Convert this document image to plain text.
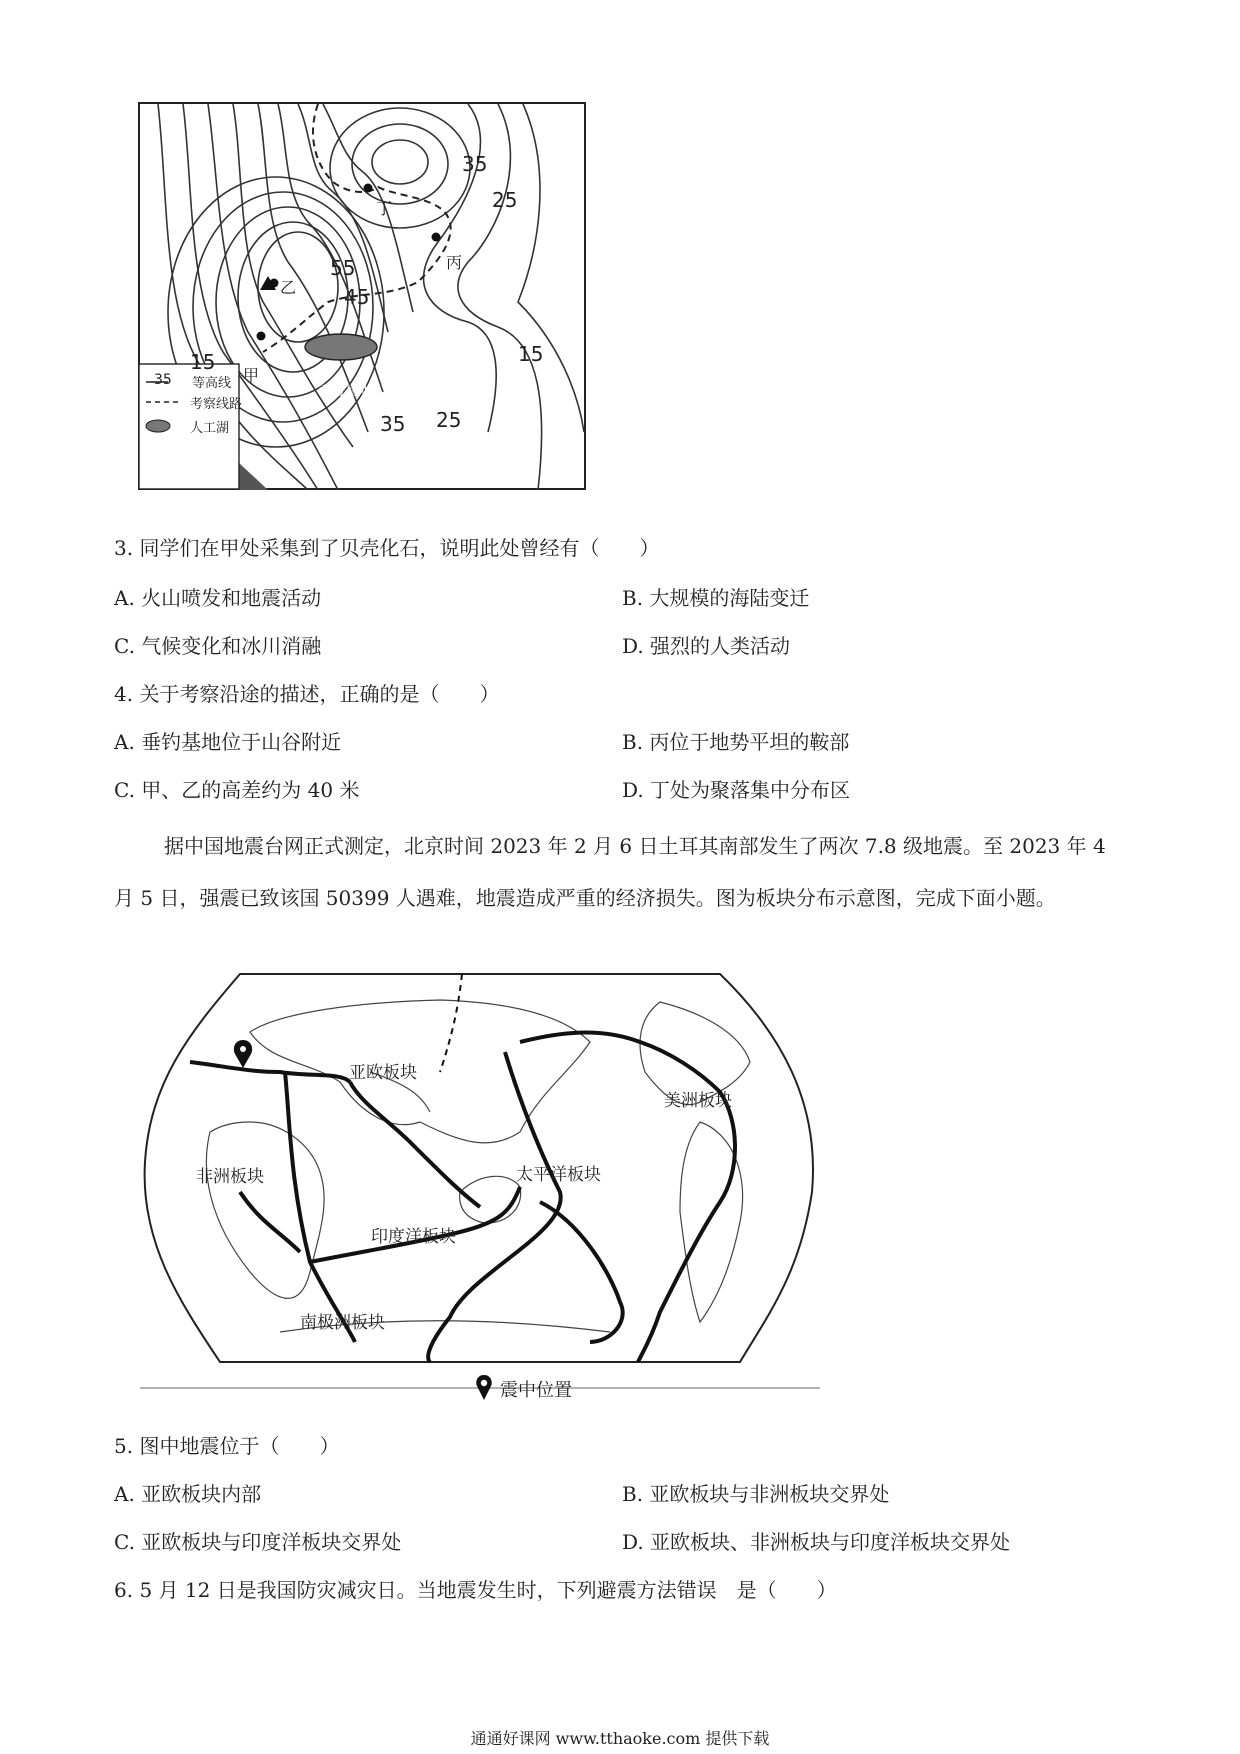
35
25
55
45
15	15
35 25
丁
丙
乙
甲
垂钓基地
35 等高线
考察线路
人工湖
3. 同学们在甲处采集到了贝壳化石，说明此处曾经有（　　）
A. 火山喷发和地震活动	B. 大规模的海陆变迁
C. 气候变化和冰川消融	D. 强烈的人类活动
4. 关于考察沿途的描述，正确的是（　　）
A. 垂钓基地位于山谷附近	B. 丙位于地势平坦的鞍部
C. 甲、乙的高差约为 40 米	D. 丁处为聚落集中分布区
据中国地震台网正式测定，北京时间 2023 年 2 月 6 日土耳其南部发生了两次 7.8 级地震。至 2023 年 4 月 5 日，强震已致该国 50399 人遇难，地震造成严重的经济损失。图为板块分布示意图，完成下面小题。
亚欧板块
美洲板块
非洲板块	太平洋板块
印度洋板块
南极洲板块
震中位置
5. 图中地震位于（　　）
A. 亚欧板块内部	B. 亚欧板块与非洲板块交界处
C. 亚欧板块与印度洋板块交界处	D. 亚欧板块、非洲板块与印度洋板块交界处
6. 5 月 12 日是我国防灾减灾日。当地震发生时，下列避震方法错误　是（　　）
通通好课网 www.tthaoke.com 提供下载
